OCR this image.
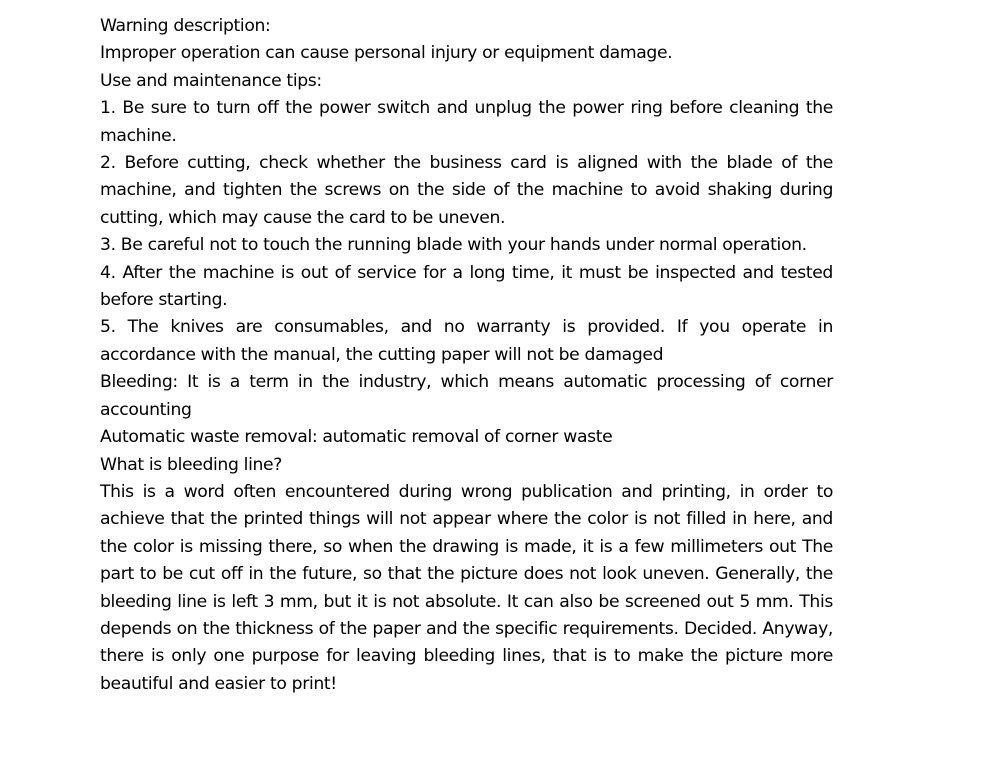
Warning description:

Improper operation can cause personal injury or equipment damage.

Use and maintenance tips:

1. Be sure to turn off the power switch and unplug the power ring before cleaning the machine.

2. Before cutting, check whether the business card is aligned with the blade of the machine, and tighten the screws on the side of the machine to avoid shaking during cutting, which may cause the card to be uneven.

3. Be careful not to touch the running blade with your hands under normal operation.

4. After the machine is out of service for a long time, it must be inspected and tested before starting.

5. The knives are consumables, and no warranty is provided. If you operate in accordance with the manual, the cutting paper will not be damaged

Bleeding: It is a term in the industry, which means automatic processing of corner accounting

Automatic waste removal: automatic removal of corner waste

What is bleeding line?

This is a word often encountered during wrong publication and printing, in order to achieve that the printed things will not appear where the color is not filled in here, and the color is missing there, so when the drawing is made, it is a few millimeters out The part to be cut off in the future, so that the picture does not look uneven. Generally, the bleeding line is left 3 mm, but it is not absolute. It can also be screened out 5 mm. This depends on the thickness of the paper and the specific requirements. Decided. Anyway, there is only one purpose for leaving bleeding lines, that is to make the picture more beautiful and easier to print!
